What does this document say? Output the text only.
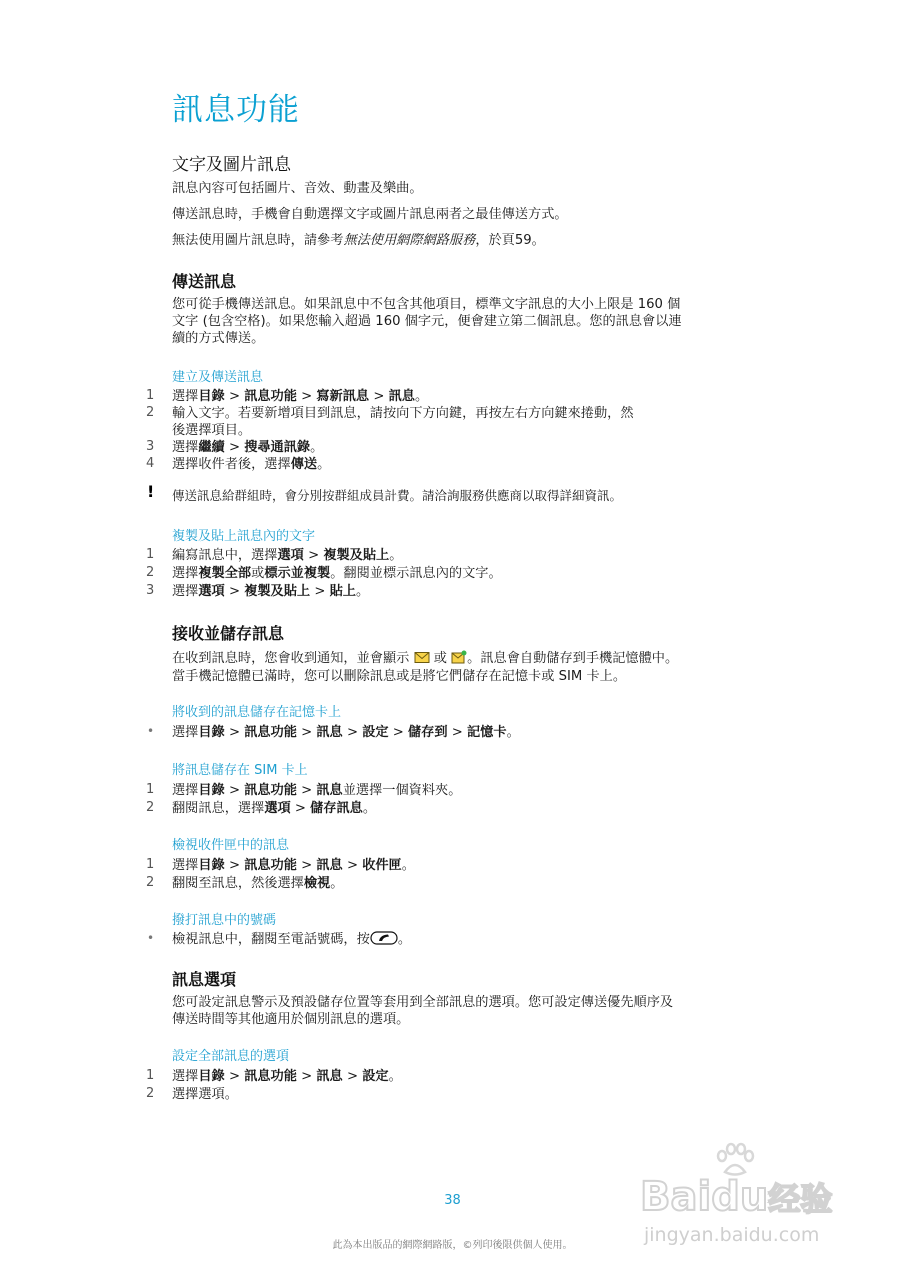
訊息功能
文字及圖片訊息
訊息內容可包括圖片、音效、動畫及樂曲。
傳送訊息時，手機會自動選擇文字或圖片訊息兩者之最佳傳送方式。
無法使用圖片訊息時，請參考無法使用網際網路服務，於頁59。
傳送訊息
您可從手機傳送訊息。如果訊息中不包含其他項目，標準文字訊息的大小上限是 160 個
文字 (包含空格)。如果您輸入超過 160 個字元，便會建立第二個訊息。您的訊息會以連
續的方式傳送。
建立及傳送訊息
1 選擇目錄 > 訊息功能 > 寫新訊息 > 訊息。
2 輸入文字。若要新增項目到訊息，請按向下方向鍵，再按左右方向鍵來捲動，然
後選擇項目。
3 選擇繼續 > 搜尋通訊錄。
4 選擇收件者後，選擇傳送。
! 傳送訊息給群組時，會分別按群組成員計費。請洽詢服務供應商以取得詳細資訊。
複製及貼上訊息內的文字
1 編寫訊息中，選擇選項 > 複製及貼上。
2 選擇複製全部或標示並複製。翻閱並標示訊息內的文字。
3 選擇選項 > 複製及貼上 > 貼上。
接收並儲存訊息
在收到訊息時，您會收到通知，並會顯示 或 。訊息會自動儲存到手機記憶體中。
當手機記憶體已滿時，您可以刪除訊息或是將它們儲存在記憶卡或 SIM 卡上。
將收到的訊息儲存在記憶卡上
• 選擇目錄 > 訊息功能 > 訊息 > 設定 > 儲存到 > 記憶卡。
將訊息儲存在 SIM 卡上
1 選擇目錄 > 訊息功能 > 訊息並選擇一個資料夾。
2 翻閱訊息，選擇選項 > 儲存訊息。
檢視收件匣中的訊息
1 選擇目錄 > 訊息功能 > 訊息 > 收件匣。
2 翻閱至訊息，然後選擇檢視。
撥打訊息中的號碼
• 檢視訊息中，翻閱至電話號碼，按 。
訊息選項
您可設定訊息警示及預設儲存位置等套用到全部訊息的選項。您可設定傳送優先順序及
傳送時間等其他適用於個別訊息的選項。
設定全部訊息的選項
1 選擇目錄 > 訊息功能 > 訊息 > 設定。
2 選擇選項。
38
此為本出版品的網際網路版，©列印後限供個人使用。
Baidu经验
jingyan.baidu.com
